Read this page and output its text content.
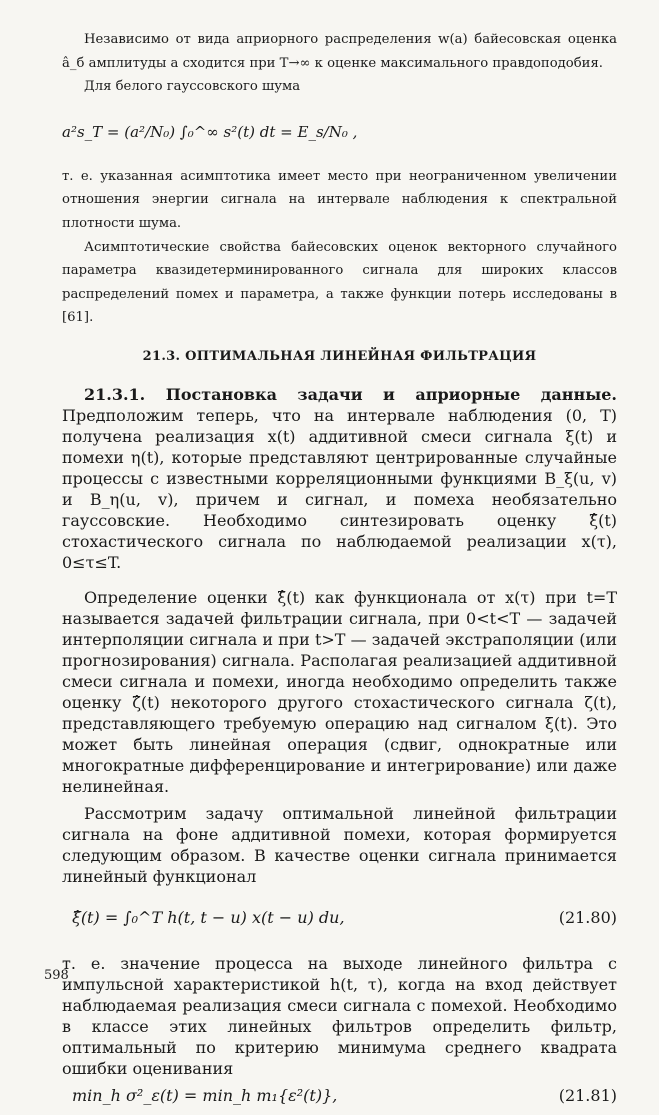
Независимо от вида априорного распределения w(a) байесовская оценка â_б амплитуды a сходится при T→∞ к оценке максимального правдоподобия.

Для белого гауссовского шума

a²s_T = (a²/N₀) ∫₀^∞ s²(t) dt = E_s/N₀ ,

т. е. указанная асимптотика имеет место при неограниченном увеличении отношения энергии сигнала на интервале наблюдения к спектральной плотности шума.

Асимптотические свойства байесовских оценок векторного случайного параметра квазидетерминированного сигнала для широких классов распределений помех и параметра, а также функции потерь исследованы в [61].

21.3. ОПТИМАЛЬНАЯ ЛИНЕЙНАЯ ФИЛЬТРАЦИЯ

21.3.1. Постановка задачи и априорные данные. Предположим теперь, что на интервале наблюдения (0, T) получена реализация x(t) аддитивной смеси сигнала ξ(t) и помехи η(t), которые представляют центрированные случайные процессы с известными корреляционными функциями B_ξ(u, v) и B_η(u, v), причем и сигнал, и помеха необязательно гауссовские. Необходимо синтезировать оценку ξ̂(t) стохастического сигнала по наблюдаемой реализации x(τ), 0≤τ≤T.

Определение оценки ξ̂(t) как функционала от x(τ) при t=T называется задачей фильтрации сигнала, при 0<t<T — задачей интерполяции сигнала и при t>T — задачей экстраполяции (или прогнозирования) сигнала. Располагая реализацией аддитивной смеси сигнала и помехи, иногда необходимо определить также оценку ζ̂(t) некоторого другого стохастического сигнала ζ(t), представляющего требуемую операцию над сигналом ξ(t). Это может быть линейная операция (сдвиг, однократные или многократные дифференцирование и интегрирование) или даже нелинейная.

Рассмотрим задачу оптимальной линейной фильтрации сигнала на фоне аддитивной помехи, которая формируется следующим образом. В качестве оценки сигнала принимается линейный функционал

ξ̂(t) = ∫₀^T h(t, t − u) x(t − u) du,	(21.80)

т. е. значение процесса на выходе линейного фильтра с импульсной характеристикой h(t, τ), когда на вход действует наблюдаемая реализация смеси сигнала с помехой. Необходимо в классе этих линейных фильтров определить фильтр, оптимальный по критерию минимума среднего квадрата ошибки оценивания

min_h σ²_ε(t) = min_h m₁{ε²(t)},	(21.81)
598
